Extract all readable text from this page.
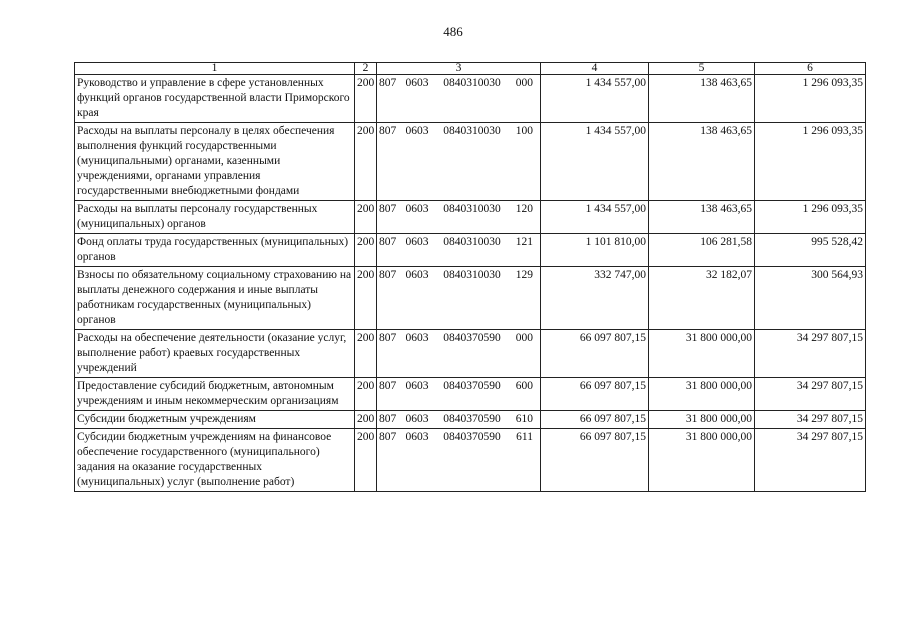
486
1	2	3	4	5	6
Руководство и управление в сфере установленных функций органов государственной власти Приморского края	200	807 0603 0840310030 000	1 434 557,00	138 463,65	1 296 093,35
Расходы на выплаты персоналу в целях обеспечения выполнения функций государственными (муниципальными) органами, казенными учреждениями, органами управления государственными внебюджетными фондами	200	807 0603 0840310030 100	1 434 557,00	138 463,65	1 296 093,35
Расходы на выплаты персоналу государственных (муниципальных) органов	200	807 0603 0840310030 120	1 434 557,00	138 463,65	1 296 093,35
Фонд оплаты труда государственных (муниципальных) органов	200	807 0603 0840310030 121	1 101 810,00	106 281,58	995 528,42
Взносы по обязательному социальному страхованию на выплаты денежного содержания и иные выплаты работникам государственных (муниципальных) органов	200	807 0603 0840310030 129	332 747,00	32 182,07	300 564,93
Расходы на обеспечение деятельности (оказание услуг, выполнение работ) краевых государственных учреждений	200	807 0603 0840370590 000	66 097 807,15	31 800 000,00	34 297 807,15
Предоставление субсидий бюджетным, автономным учреждениям и иным некоммерческим организациям	200	807 0603 0840370590 600	66 097 807,15	31 800 000,00	34 297 807,15
Субсидии бюджетным учреждениям	200	807 0603 0840370590 610	66 097 807,15	31 800 000,00	34 297 807,15
Субсидии бюджетным учреждениям на финансовое обеспечение государственного (муниципального) задания на оказание государственных (муниципальных) услуг (выполнение работ)	200	807 0603 0840370590 611	66 097 807,15	31 800 000,00	34 297 807,15
